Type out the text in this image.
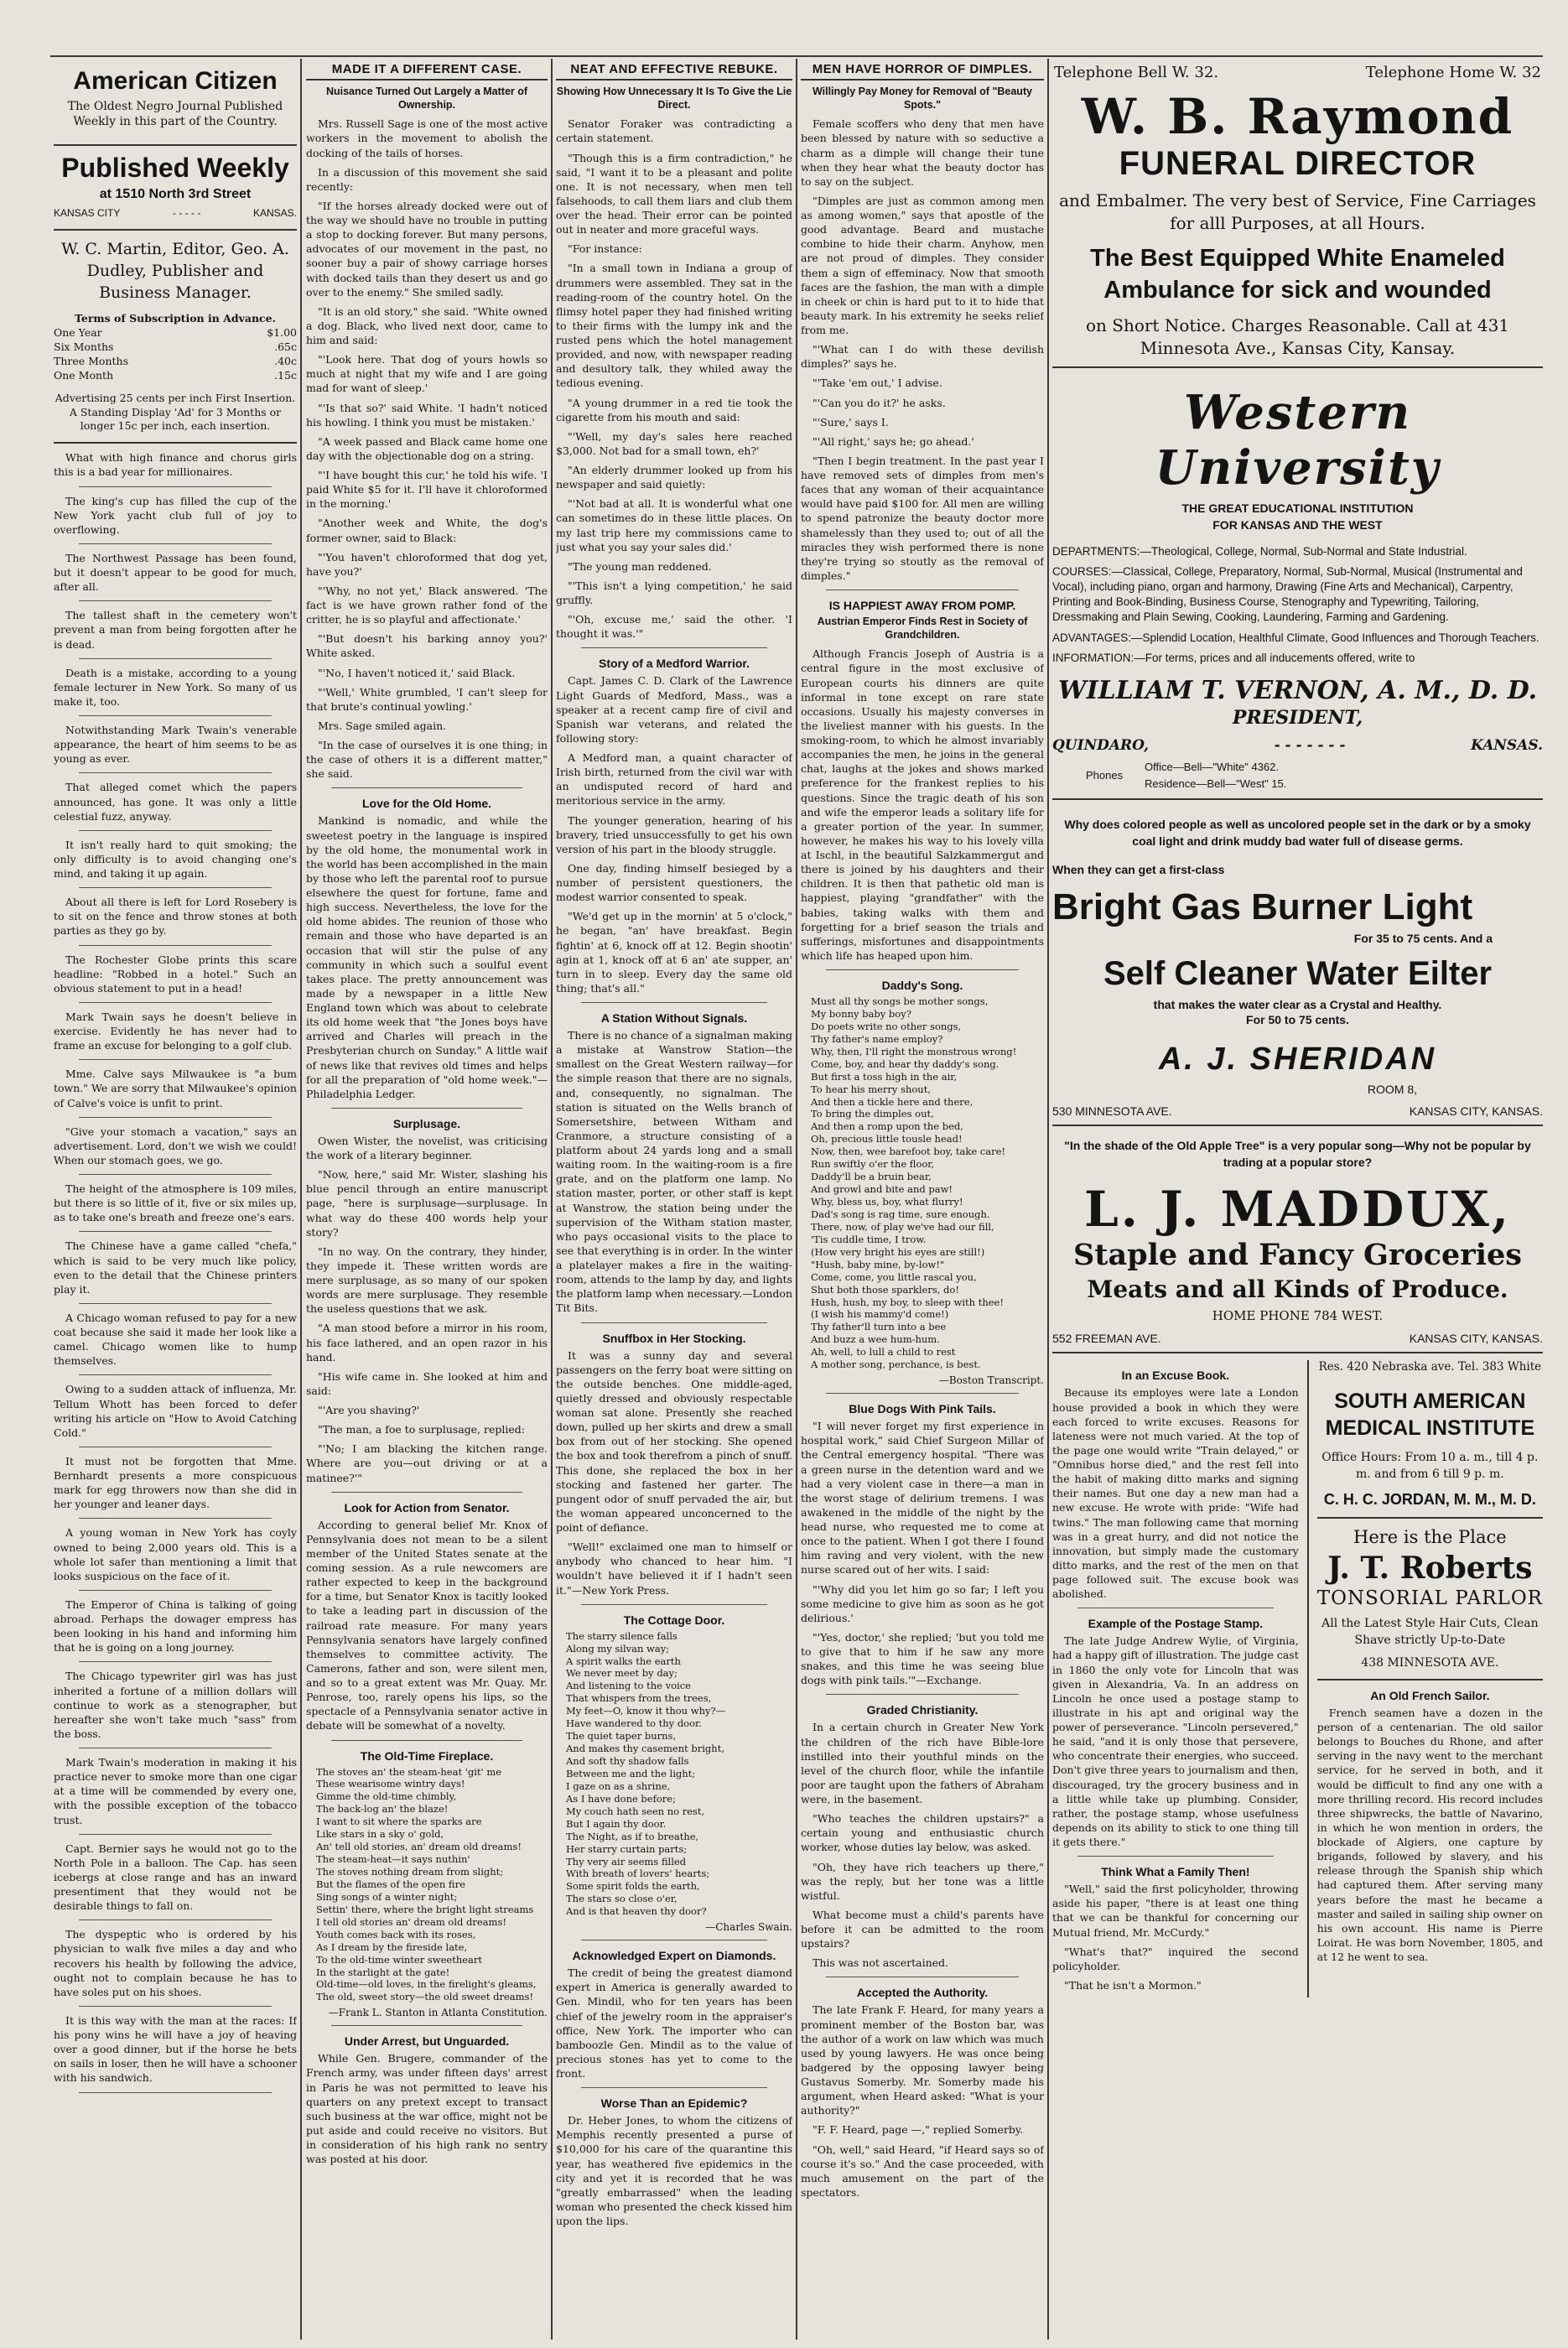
American Citizen
The Oldest Negro Journal Published Weekly in this part of the Country.
Published Weekly
at 1510 North 3rd Street
KANSAS CITY	- - - - -	KANSAS.
W. C. Martin, Editor, Geo. A. Dudley, Publisher and Business Manager.
Terms of Subscription in Advance.
One Year	$1.00
Six Months	.65c
Three Months	.40c
One Month	.15c
Advertising 25 cents per inch First Insertion. A Standing Display 'Ad' for 3 Months or longer 15c per inch, each insertion.

What with high finance and chorus girls this is a bad year for millionaires.

The king's cup has filled the cup of the New York yacht club full of joy to overflowing.

The Northwest Passage has been found, but it doesn't appear to be good for much, after all.

The tallest shaft in the cemetery won't prevent a man from being forgotten after he is dead.

Death is a mistake, according to a young female lecturer in New York. So many of us make it, too.

Notwithstanding Mark Twain's venerable appearance, the heart of him seems to be as young as ever.

That alleged comet which the papers announced, has gone. It was only a little celestial fuzz, anyway.

It isn't really hard to quit smoking; the only difficulty is to avoid changing one's mind, and taking it up again.

About all there is left for Lord Rosebery is to sit on the fence and throw stones at both parties as they go by.

The Rochester Globe prints this scare headline: "Robbed in a hotel." Such an obvious statement to put in a head!

Mark Twain says he doesn't believe in exercise. Evidently he has never had to frame an excuse for belonging to a golf club.

Mme. Calve says Milwaukee is "a bum town." We are sorry that Milwaukee's opinion of Calve's voice is unfit to print.

"Give your stomach a vacation," says an advertisement. Lord, don't we wish we could! When our stomach goes, we go.

The height of the atmosphere is 109 miles, but there is so little of it, five or six miles up, as to take one's breath and freeze one's ears.

The Chinese have a game called "chefa," which is said to be very much like policy, even to the detail that the Chinese printers play it.

A Chicago woman refused to pay for a new coat because she said it made her look like a camel. Chicago women like to hump themselves.

Owing to a sudden attack of influenza, Mr. Tellum Whott has been forced to defer writing his article on "How to Avoid Catching Cold."

It must not be forgotten that Mme. Bernhardt presents a more conspicuous mark for egg throwers now than she did in her younger and leaner days.

A young woman in New York has coyly owned to being 2,000 years old. This is a whole lot safer than mentioning a limit that looks suspicious on the face of it.

The Emperor of China is talking of going abroad. Perhaps the dowager empress has been looking in his hand and informing him that he is going on a long journey.

The Chicago typewriter girl was has just inherited a fortune of a million dollars will continue to work as a stenographer, but hereafter she won't take much "sass" from the boss.

Mark Twain's moderation in making it his practice never to smoke more than one cigar at a time will be commended by every one, with the possible exception of the tobacco trust.

Capt. Bernier says he would not go to the North Pole in a balloon. The Cap. has seen icebergs at close range and has an inward presentiment that they would not be desirable things to fall on.

The dyspeptic who is ordered by his physician to walk five miles a day and who recovers his health by following the advice, ought not to complain because he has to have soles put on his shoes.

It is this way with the man at the races: If his pony wins he will have a joy of heaving over a good dinner, but if the horse he bets on sails in loser, then he will have a schooner with his sandwich.

MADE IT A DIFFERENT CASE.
Nuisance Turned Out Largely a Matter of Ownership.

Mrs. Russell Sage is one of the most active workers in the movement to abolish the docking of the tails of horses.

In a discussion of this movement she said recently:

"If the horses already docked were out of the way we should have no trouble in putting a stop to docking forever. But many persons, advocates of our movement in the past, no sooner buy a pair of showy carriage horses with docked tails than they desert us and go over to the enemy." She smiled sadly.

"It is an old story," she said. "White owned a dog. Black, who lived next door, came to him and said:

"'Look here. That dog of yours howls so much at night that my wife and I are going mad for want of sleep.'

"'Is that so?' said White. 'I hadn't noticed his howling. I think you must be mistaken.'

"A week passed and Black came home one day with the objectionable dog on a string.

"'I have bought this cur,' he told his wife. 'I paid White $5 for it. I'll have it chloroformed in the morning.'

"Another week and White, the dog's former owner, said to Black:

"'You haven't chloroformed that dog yet, have you?'

"'Why, no not yet,' Black answered. 'The fact is we have grown rather fond of the critter, he is so playful and affectionate.'

"'But doesn't his barking annoy you?' White asked.

"'No, I haven't noticed it,' said Black.

"'Well,' White grumbled, 'I can't sleep for that brute's continual yowling.'

Mrs. Sage smiled again.

"In the case of ourselves it is one thing; in the case of others it is a different matter," she said.

Love for the Old Home.

Mankind is nomadic, and while the sweetest poetry in the language is inspired by the old home, the monumental work in the world has been accomplished in the main by those who left the parental roof to pursue elsewhere the quest for fortune, fame and high success. Nevertheless, the love for the old home abides. The reunion of those who remain and those who have departed is an occasion that will stir the pulse of any community in which such a soulful event takes place. The pretty announcement was made by a newspaper in a little New England town which was about to celebrate its old home week that "the Jones boys have arrived and Charles will preach in the Presbyterian church on Sunday." A little waif of news like that revives old times and helps for all the preparation of "old home week."—Philadelphia Ledger.

Surplusage.

Owen Wister, the novelist, was criticising the work of a literary beginner.

"Now, here," said Mr. Wister, slashing his blue pencil through an entire manuscript page, "here is surplusage—surplusage. In what way do these 400 words help your story?

"In no way. On the contrary, they hinder, they impede it. These written words are mere surplusage, as so many of our spoken words are mere surplusage. They resemble the useless questions that we ask.

"A man stood before a mirror in his room, his face lathered, and an open razor in his hand.

"His wife came in. She looked at him and said:

"'Are you shaving?'

"The man, a foe to surplusage, replied:

"'No; I am blacking the kitchen range. Where are you—out driving or at a matinee?'"

Look for Action from Senator.

According to general belief Mr. Knox of Pennsylvania does not mean to be a silent member of the United States senate at the coming session. As a rule newcomers are rather expected to keep in the background for a time, but Senator Knox is tacitly looked to take a leading part in discussion of the railroad rate measure. For many years Pennsylvania senators have largely confined themselves to committee activity. The Camerons, father and son, were silent men, and so to a great extent was Mr. Quay. Mr. Penrose, too, rarely opens his lips, so the spectacle of a Pennsylvania senator active in debate will be somewhat of a novelty.

The Old-Time Fireplace.
The stoves an' the steam-heat 'git' me
These wearisome wintry days!
Gimme the old-time chimbly,
The back-log an' the blaze!
I want to sit where the sparks are
Like stars in a sky o' gold,
An' tell old stories, an' dream old dreams!
The steam-heat—it says nuthin'
The stoves nothing dream from slight;
But the flames of the open fire
Sing songs of a winter night;
Settin' there, where the bright light streams
I tell old stories an' dream old dreams!
Youth comes back with its roses,
As I dream by the fireside late,
To the old-time winter sweetheart
In the starlight at the gate!
Old-time—old loves, in the firelight's gleams,
The old, sweet story—the old sweet dreams!
—Frank L. Stanton in Atlanta Constitution.
Under Arrest, but Unguarded.

While Gen. Brugere, commander of the French army, was under fifteen days' arrest in Paris he was not permitted to leave his quarters on any pretext except to transact such business at the war office, might not be put aside and could receive no visitors. But in consideration of his high rank no sentry was posted at his door.

NEAT AND EFFECTIVE REBUKE.
Showing How Unnecessary It Is To Give the Lie Direct.

Senator Foraker was contradicting a certain statement.

"Though this is a firm contradiction," he said, "I want it to be a pleasant and polite one. It is not necessary, when men tell falsehoods, to call them liars and club them over the head. Their error can be pointed out in neater and more graceful ways.

"For instance:

"In a small town in Indiana a group of drummers were assembled. They sat in the reading-room of the country hotel. On the flimsy hotel paper they had finished writing to their firms with the lumpy ink and the rusted pens which the hotel management provided, and now, with newspaper reading and desultory talk, they whiled away the tedious evening.

"A young drummer in a red tie took the cigarette from his mouth and said:

"'Well, my day's sales here reached $3,000. Not bad for a small town, eh?'

"An elderly drummer looked up from his newspaper and said quietly:

"'Not bad at all. It is wonderful what one can sometimes do in these little places. On my last trip here my commissions came to just what you say your sales did.'

"The young man reddened.

"'This isn't a lying competition,' he said gruffly.

"'Oh, excuse me,' said the other. 'I thought it was.'"

Story of a Medford Warrior.

Capt. James C. D. Clark of the Lawrence Light Guards of Medford, Mass., was a speaker at a recent camp fire of civil and Spanish war veterans, and related the following story:

A Medford man, a quaint character of Irish birth, returned from the civil war with an undisputed record of hard and meritorious service in the army.

The younger generation, hearing of his bravery, tried unsuccessfully to get his own version of his part in the bloody struggle.

One day, finding himself besieged by a number of persistent questioners, the modest warrior consented to speak.

"We'd get up in the mornin' at 5 o'clock," he began, "an' have breakfast. Begin fightin' at 6, knock off at 12. Begin shootin' agin at 1, knock off at 6 an' ate supper, an' turn in to sleep. Every day the same old thing; that's all."

A Station Without Signals.

There is no chance of a signalman making a mistake at Wanstrow Station—the smallest on the Great Western railway—for the simple reason that there are no signals, and, consequently, no signalman. The station is situated on the Wells branch of Somersetshire, between Witham and Cranmore, a structure consisting of a platform about 24 yards long and a small waiting room. In the waiting-room is a fire grate, and on the platform one lamp. No station master, porter, or other staff is kept at Wanstrow, the station being under the supervision of the Witham station master, who pays occasional visits to the place to see that everything is in order. In the winter a platelayer makes a fire in the waiting-room, attends to the lamp by day, and lights the platform lamp when necessary.—London Tit Bits.

Snuffbox in Her Stocking.

It was a sunny day and several passengers on the ferry boat were sitting on the outside benches. One middle-aged, quietly dressed and obviously respectable woman sat alone. Presently she reached down, pulled up her skirts and drew a small box from out of her stocking. She opened the box and took therefrom a pinch of snuff. This done, she replaced the box in her stocking and fastened her garter. The pungent odor of snuff pervaded the air, but the woman appeared unconcerned to the point of defiance.

"Well!" exclaimed one man to himself or anybody who chanced to hear him. "I wouldn't have believed it if I hadn't seen it."—New York Press.

The Cottage Door.
The starry silence falls
Along my silvan way;
A spirit walks the earth
We never meet by day;
And listening to the voice
That whispers from the trees,
My feet—O, know it thou why?—
Have wandered to thy door.
The quiet taper burns,
And makes thy casement bright,
And soft thy shadow falls
Between me and the light;
I gaze on as a shrine,
As I have done before;
My couch hath seen no rest,
But I again thy door.
The Night, as if to breathe,
Her starry curtain parts;
Thy very air seems filled
With breath of lovers' hearts;
Some spirit folds the earth,
The stars so close o'er,
And is that heaven thy door?
—Charles Swain.
Acknowledged Expert on Diamonds.

The credit of being the greatest diamond expert in America is generally awarded to Gen. Mindil, who for ten years has been chief of the jewelry room in the appraiser's office, New York. The importer who can bamboozle Gen. Mindil as to the value of precious stones has yet to come to the front.

Worse Than an Epidemic?

Dr. Heber Jones, to whom the citizens of Memphis recently presented a purse of $10,000 for his care of the quarantine this year, has weathered five epidemics in the city and yet it is recorded that he was "greatly embarrassed" when the leading woman who presented the check kissed him upon the lips.

MEN HAVE HORROR OF DIMPLES.
Willingly Pay Money for Removal of "Beauty Spots."

Female scoffers who deny that men have been blessed by nature with so seductive a charm as a dimple will change their tune when they hear what the beauty doctor has to say on the subject.

"Dimples are just as common among men as among women," says that apostle of the good advantage. Beard and mustache combine to hide their charm. Anyhow, men are not proud of dimples. They consider them a sign of effeminacy. Now that smooth faces are the fashion, the man with a dimple in cheek or chin is hard put to it to hide that beauty mark. In his extremity he seeks relief from me.

"'What can I do with these devilish dimples?' says he.

"'Take 'em out,' I advise.

"'Can you do it?' he asks.

"'Sure,' says I.

"'All right,' says he; go ahead.'

"Then I begin treatment. In the past year I have removed sets of dimples from men's faces that any woman of their acquaintance would have paid $100 for. All men are willing to spend patronize the beauty doctor more shamelessly than they used to; out of all the miracles they wish performed there is none they're trying so stoutly as the removal of dimples."

IS HAPPIEST AWAY FROM POMP.
Austrian Emperor Finds Rest in Society of Grandchildren.

Although Francis Joseph of Austria is a central figure in the most exclusive of European courts his dinners are quite informal in tone except on rare state occasions. Usually his majesty converses in the liveliest manner with his guests. In the smoking-room, to which he almost invariably accompanies the men, he joins in the general chat, laughs at the jokes and shows marked preference for the frankest replies to his questions. Since the tragic death of his son and wife the emperor leads a solitary life for a greater portion of the year. In summer, however, he makes his way to his lovely villa at Ischl, in the beautiful Salzkammergut and there is joined by his daughters and their children. It is then that pathetic old man is happiest, playing "grandfather" with the babies, taking walks with them and forgetting for a brief season the trials and sufferings, misfortunes and disappointments which life has heaped upon him.

Daddy's Song.
Must all thy songs be mother songs,
My bonny baby boy?
Do poets write no other songs,
Thy father's name employ?
Why, then, I'll right the monstrous wrong!
Come, boy, and hear thy daddy's song.
But first a toss high in the air,
To hear his merry shout,
And then a tickle here and there,
To bring the dimples out,
And then a romp upon the bed,
Oh, precious little tousle head!
Now, then, wee barefoot boy, take care!
Run swiftly o'er the floor,
Daddy'll be a bruin bear,
And growl and bite and paw!
Why, bless us, boy, what flurry!
Dad's song is rag time, sure enough.
There, now, of play we've had our fill,
'Tis cuddle time, I trow.
(How very bright his eyes are still!)
"Hush, baby mine, by-low!"
Come, come, you little rascal you,
Shut both those sparklers, do!
Hush, hush, my boy, to sleep with thee!
(I wish his mammy'd come!)
Thy father'll turn into a bee
And buzz a wee hum-hum.
Ah, well, to lull a child to rest
A mother song, perchance, is best.
—Boston Transcript.
Blue Dogs With Pink Tails.

"I will never forget my first experience in hospital work," said Chief Surgeon Millar of the Central emergency hospital. "There was a green nurse in the detention ward and we had a very violent case in there—a man in the worst stage of delirium tremens. I was awakened in the middle of the night by the head nurse, who requested me to come at once to the patient. When I got there I found him raving and very violent, with the new nurse scared out of her wits. I said:

"'Why did you let him go so far; I left you some medicine to give him as soon as he got delirious.'

"'Yes, doctor,' she replied; 'but you told me to give that to him if he saw any more snakes, and this time he was seeing blue dogs with pink tails.'"—Exchange.

Graded Christianity.

In a certain church in Greater New York the children of the rich have Bible-lore instilled into their youthful minds on the level of the church floor, while the infantile poor are taught upon the fathers of Abraham were, in the basement.

"Who teaches the children upstairs?" a certain young and enthusiastic church worker, whose duties lay below, was asked.

"Oh, they have rich teachers up there," was the reply, but her tone was a little wistful.

What become must a child's parents have before it can be admitted to the room upstairs?

This was not ascertained.

Accepted the Authority.

The late Frank F. Heard, for many years a prominent member of the Boston bar, was the author of a work on law which was much used by young lawyers. He was once being badgered by the opposing lawyer being Gustavus Somerby. Mr. Somerby made his argument, when Heard asked: "What is your authority?"

"F. F. Heard, page —," replied Somerby.

"Oh, well," said Heard, "if Heard says so of course it's so." And the case proceeded, with much amusement on the part of the spectators.

Telephone Bell W. 32.	Telephone Home W. 32
W. B. Raymond
FUNERAL DIRECTOR
and Embalmer. The very best of Service, Fine Carriages for alll Purposes, at all Hours.
The Best Equipped White Enameled Ambulance for sick and wounded
on Short Notice. Charges Reasonable. Call at 431 Minnesota Ave., Kansas City, Kansay.
Western University
THE GREAT EDUCATIONAL INSTITUTION
FOR KANSAS AND THE WEST
DEPARTMENTS:—Theological, College, Normal, Sub-Normal and State Industrial.
COURSES:—Classical, College, Preparatory, Normal, Sub-Normal, Musical (Instrumental and Vocal), including piano, organ and harmony, Drawing (Fine Arts and Mechanical), Carpentry, Printing and Book-Binding, Business Course, Stenography and Typewriting, Tailoring, Dressmaking and Plain Sewing, Cooking, Laundering, Farming and Gardening.
ADVANTAGES:—Splendid Location, Healthful Climate, Good Influences and Thorough Teachers.
INFORMATION:—For terms, prices and all inducements offered, write to
WILLIAM T. VERNON, A. M., D. D.
PRESIDENT,
QUINDARO,	- - - - - - -	KANSAS.
Phones
Office—Bell—"White" 4362.
Residence—Bell—"West" 15.
Why does colored people as well as uncolored people set in the dark or by a smoky coal light and drink muddy bad water full of disease germs.
When they can get a first-class
Bright Gas Burner Light
For 35 to 75 cents. And a
Self Cleaner Water Eilter
that makes the water clear as a Crystal and Healthy.
For 50 to 75 cents.
A. J. SHERIDAN
ROOM 8,
530 MINNESOTA AVE.	KANSAS CITY, KANSAS.
"In the shade of the Old Apple Tree" is a very popular song—Why not be popular by trading at a popular store?
L. J. MADDUX,
Staple and Fancy Groceries
Meats and all Kinds of Produce.
HOME PHONE 784 WEST.
552 FREEMAN AVE.	KANSAS CITY, KANSAS.
In an Excuse Book.

Because its employes were late a London house provided a book in which they were each forced to write excuses. Reasons for lateness were not much varied. At the top of the page one would write "Train delayed," or "Omnibus horse died," and the rest fell into the habit of making ditto marks and signing their names. But one day a new man had a new excuse. He wrote with pride: "Wife had twins." The man following came that morning was in a great hurry, and did not notice the innovation, but simply made the customary ditto marks, and the rest of the men on that page followed suit. The excuse book was abolished.

Example of the Postage Stamp.

The late Judge Andrew Wylie, of Virginia, had a happy gift of illustration. The judge cast in 1860 the only vote for Lincoln that was given in Alexandria, Va. In an address on Lincoln he once used a postage stamp to illustrate in his apt and original way the power of perseverance. "Lincoln persevered," he said, "and it is only those that persevere, who concentrate their energies, who succeed. Don't give three years to journalism and then, discouraged, try the grocery business and in a little while take up plumbing. Consider, rather, the postage stamp, whose usefulness depends on its ability to stick to one thing till it gets there."

Think What a Family Then!

"Well," said the first policyholder, throwing aside his paper, "there is at least one thing that we can be thankful for concerning our Mutual friend, Mr. McCurdy."

"What's that?" inquired the second policyholder.

"That he isn't a Mormon."

Res. 420 Nebraska ave. Tel. 383 White
SOUTH AMERICAN MEDICAL INSTITUTE
Office Hours: From 10 a. m., till 4 p. m. and from 6 till 9 p. m.
C. H. C. JORDAN, M. M., M. D.
Here is the Place
J. T. Roberts
TONSORIAL PARLOR
All the Latest Style Hair Cuts, Clean Shave strictly Up-to-Date
438 MINNESOTA AVE.
An Old French Sailor.

French seamen have a dozen in the person of a centenarian. The old sailor belongs to Bouches du Rhone, and after serving in the navy went to the merchant service, for he served in both, and it would be difficult to find any one with a more thrilling record. His record includes three shipwrecks, the battle of Navarino, in which he won mention in orders, the blockade of Algiers, one capture by brigands, followed by slavery, and his release through the Spanish ship which had captured them. After serving many years before the mast he became a master and sailed in sailing ship owner on his own account. His name is Pierre Loirat. He was born November, 1805, and at 12 he went to sea.
